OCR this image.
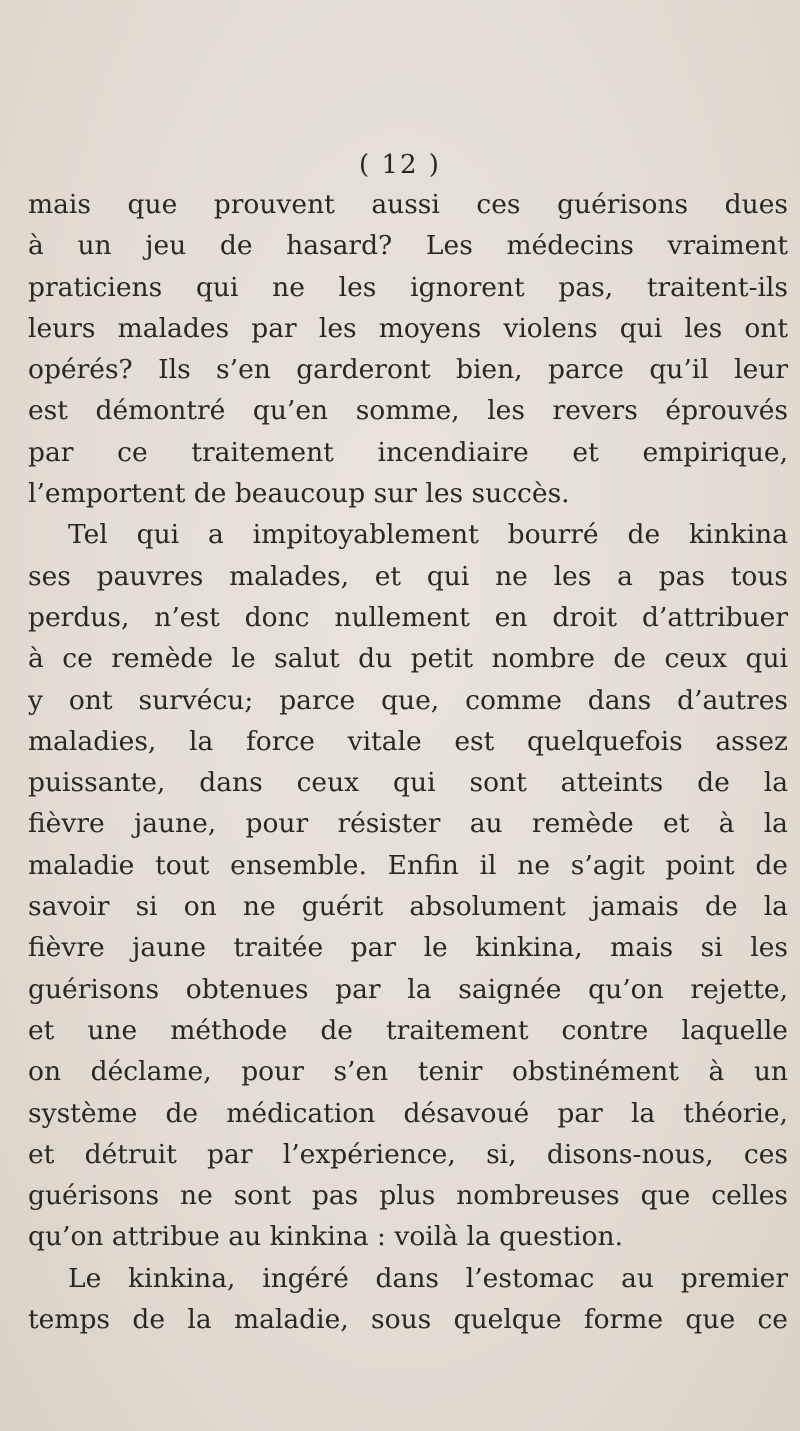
( 12 )
mais que prouvent aussi ces guérisons dues
à un jeu de hasard? Les médecins vraiment
praticiens qui ne les ignorent pas, traitent-ils
leurs malades par les moyens violens qui les ont
opérés? Ils s’en garderont bien, parce qu’il leur
est démontré qu’en somme, les revers éprouvés
par ce traitement incendiaire et empirique,
l’emportent de beaucoup sur les succès.
Tel qui a impitoyablement bourré de kinkina
ses pauvres malades, et qui ne les a pas tous
perdus, n’est donc nullement en droit d’attribuer
à ce remède le salut du petit nombre de ceux qui
y ont survécu; parce que, comme dans d’autres
maladies, la force vitale est quelquefois assez
puissante, dans ceux qui sont atteints de la
fièvre jaune, pour résister au remède et à la
maladie tout ensemble. Enfin il ne s’agit point de
savoir si on ne guérit absolument jamais de la
fièvre jaune traitée par le kinkina, mais si les
guérisons obtenues par la saignée qu’on rejette,
et une méthode de traitement contre laquelle
on déclame, pour s’en tenir obstinément à un
système de médication désavoué par la théorie,
et détruit par l’expérience, si, disons-nous, ces
guérisons ne sont pas plus nombreuses que celles
qu’on attribue au kinkina : voilà la question.
Le kinkina, ingéré dans l’estomac au premier
temps de la maladie, sous quelque forme que ce
